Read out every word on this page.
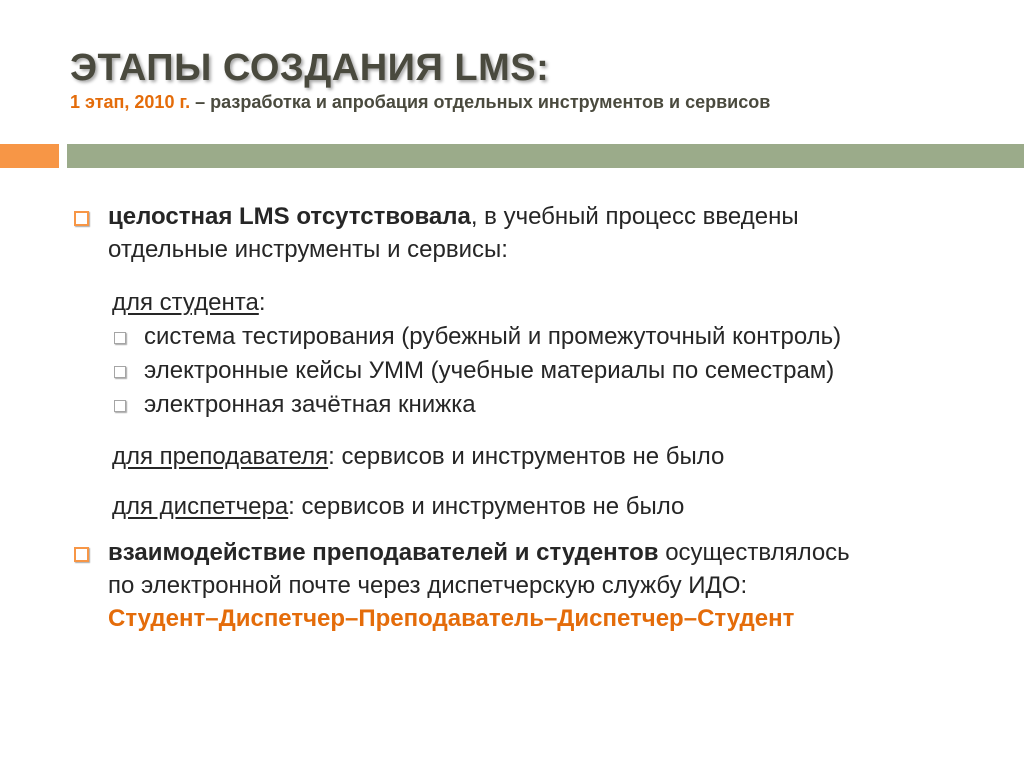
ЭТАПЫ СОЗДАНИЯ LMS:

1 этап, 2010 г. – разработка и апробация отдельных инструментов и сервисов

целостная LMS отсутствовала, в учебный процесс введены
отдельные инструменты и сервисы:
для студента:
система тестирования (рубежный и промежуточный контроль)
электронные кейсы УММ (учебные материалы по семестрам)
электронная зачётная книжка
для преподавателя: сервисов и инструментов не было
для диспетчера: сервисов и инструментов не было
взаимодействие преподавателей и студентов осуществлялось
по электронной почте через диспетчерскую службу ИДО:
Студент–Диспетчер–Преподаватель–Диспетчер–Студент
